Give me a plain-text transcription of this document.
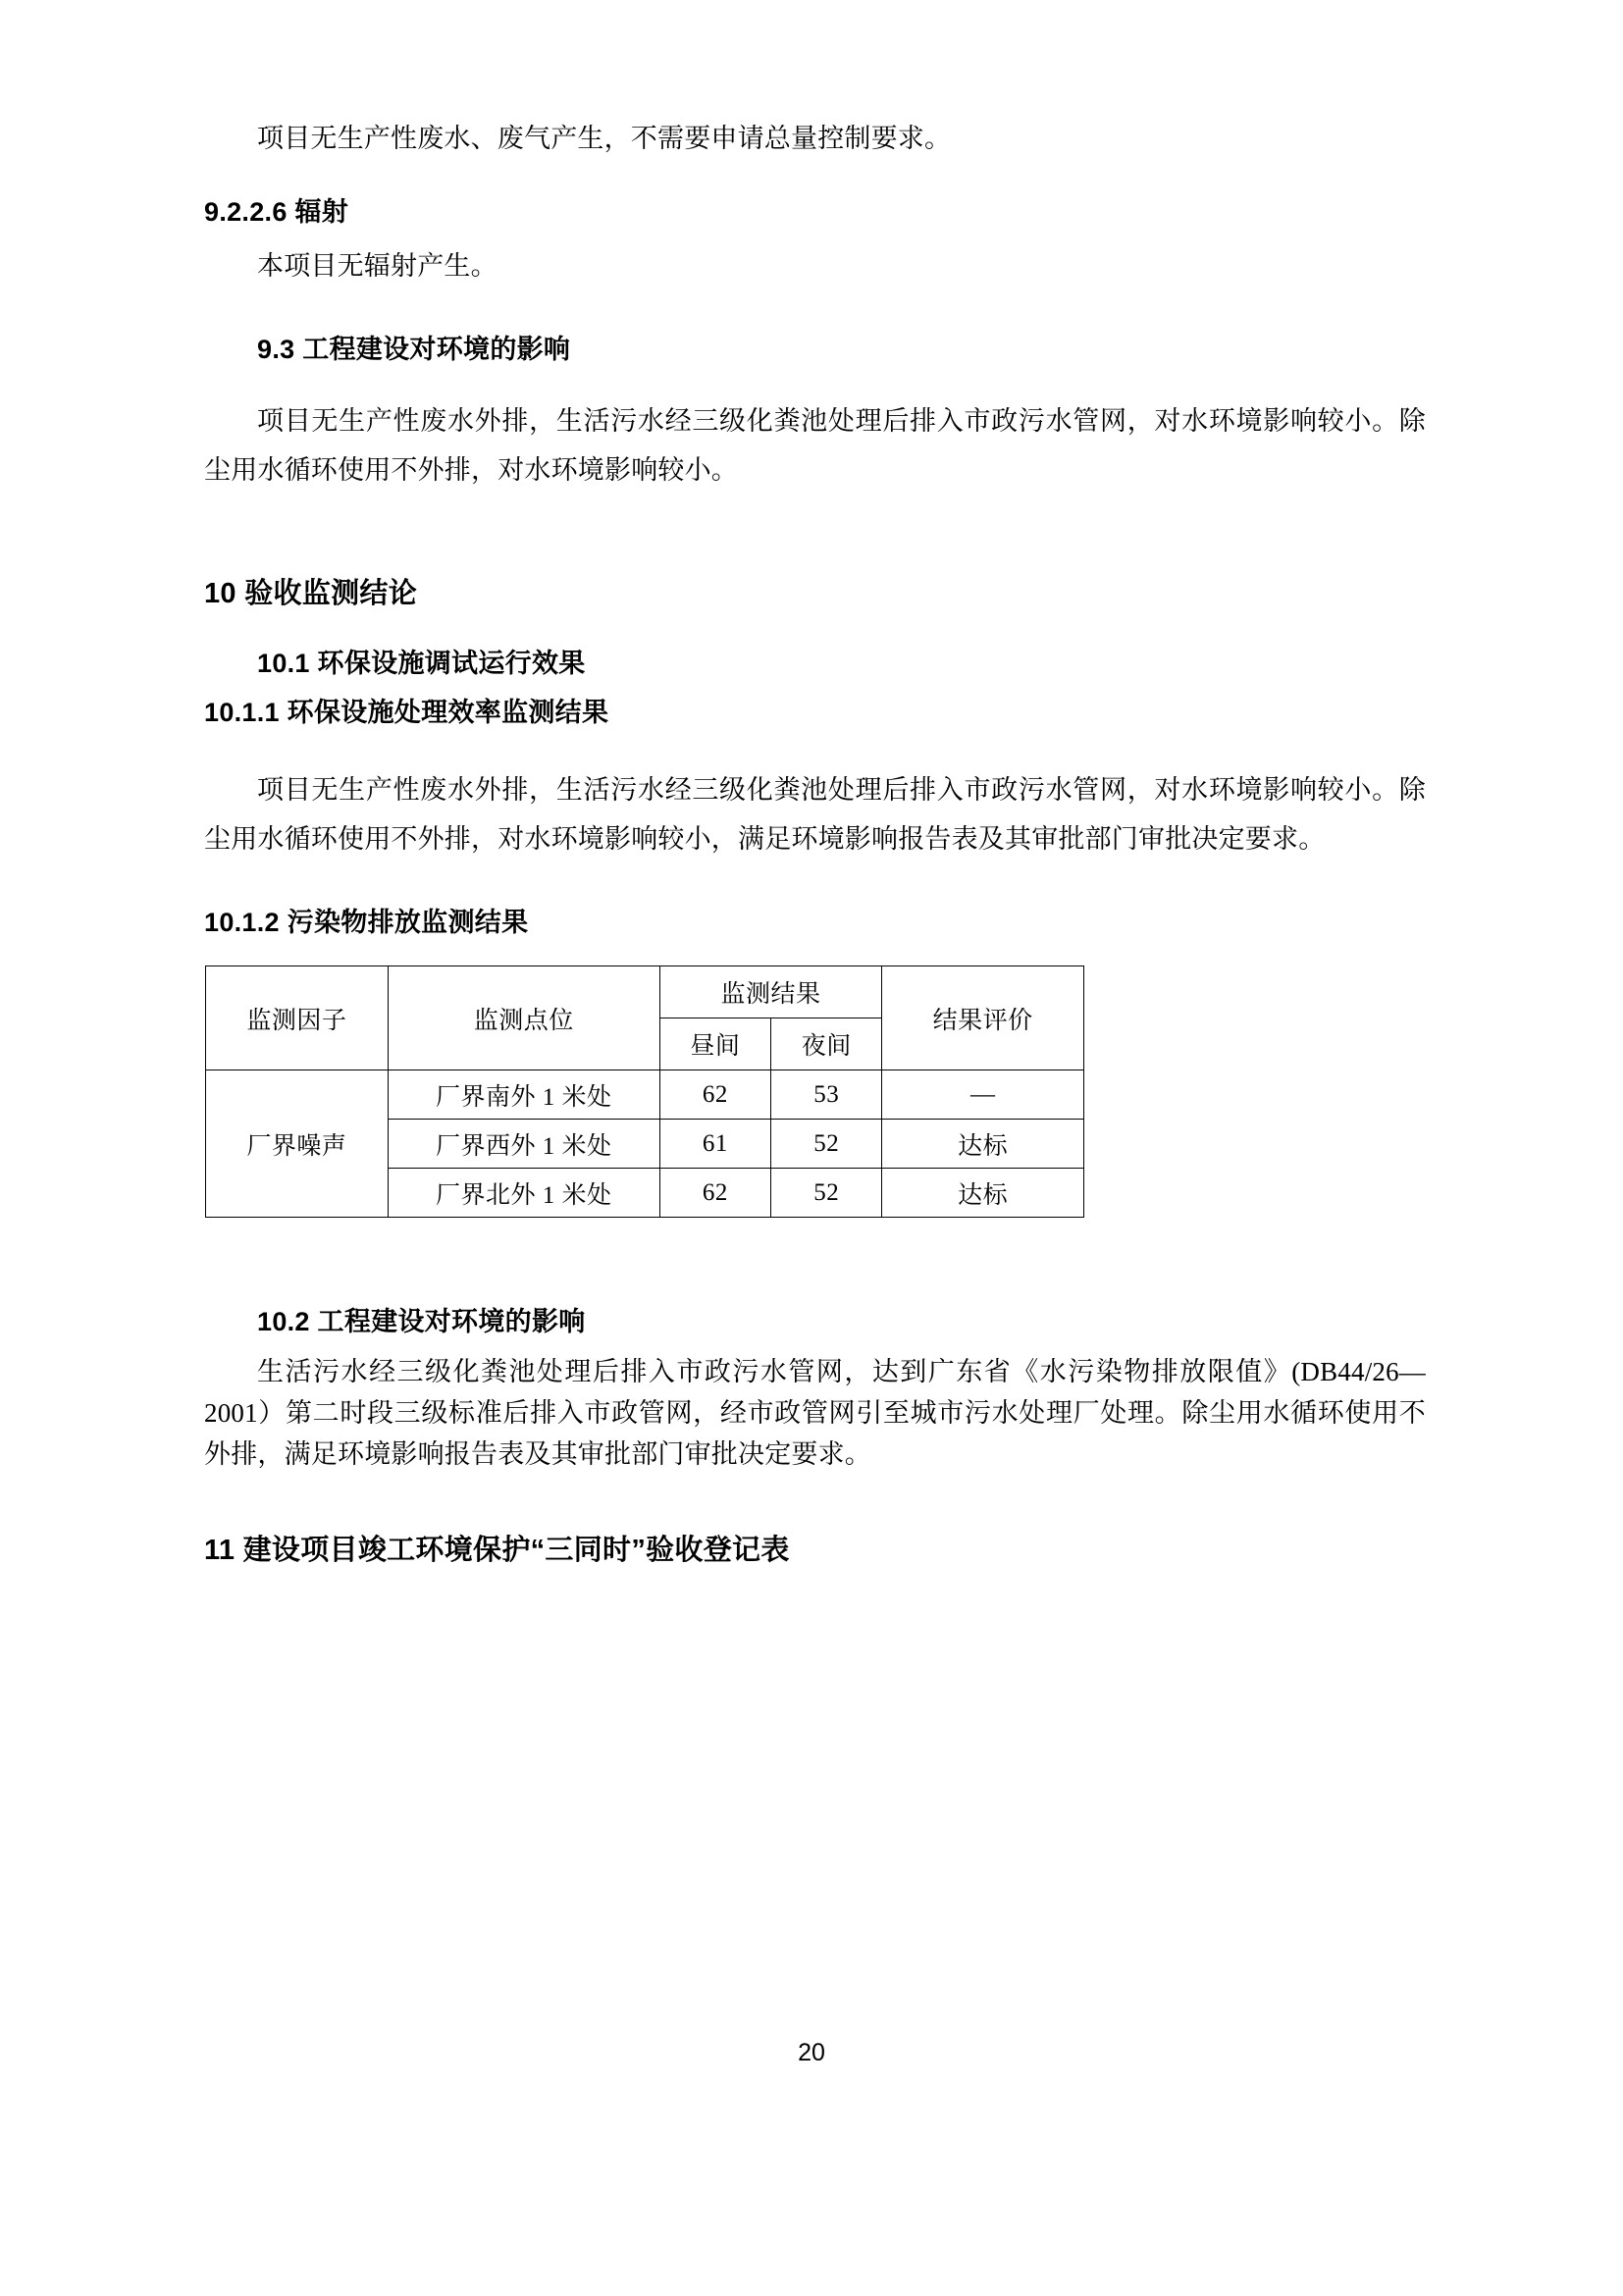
项目无生产性废水、废气产生，不需要申请总量控制要求。

9.2.2.6 辐射

本项目无辐射产生。

9.3 工程建设对环境的影响

项目无生产性废水外排，生活污水经三级化粪池处理后排入市政污水管网，对水环境影响较小。除尘用水循环使用不外排，对水环境影响较小。

10 验收监测结论
10.1 环保设施调试运行效果
10.1.1 环保设施处理效率监测结果

项目无生产性废水外排，生活污水经三级化粪池处理后排入市政污水管网，对水环境影响较小。除尘用水循环使用不外排，对水环境影响较小，满足环境影响报告表及其审批部门审批决定要求。

10.1.2 污染物排放监测结果
监测因子	监测点位	监测结果		结果评价
		昼间	夜间	
厂界噪声	厂界南外 1 米处	62	53	—
	厂界西外 1 米处	61	52	达标
	厂界北外 1 米处	62	52	达标
10.2 工程建设对环境的影响

生活污水经三级化粪池处理后排入市政污水管网，达到广东省《水污染物排放限值》(DB44/26—2001）第二时段三级标准后排入市政管网，经市政管网引至城市污水处理厂处理。除尘用水循环使用不外排，满足环境影响报告表及其审批部门审批决定要求。

11 建设项目竣工环境保护“三同时”验收登记表
20
